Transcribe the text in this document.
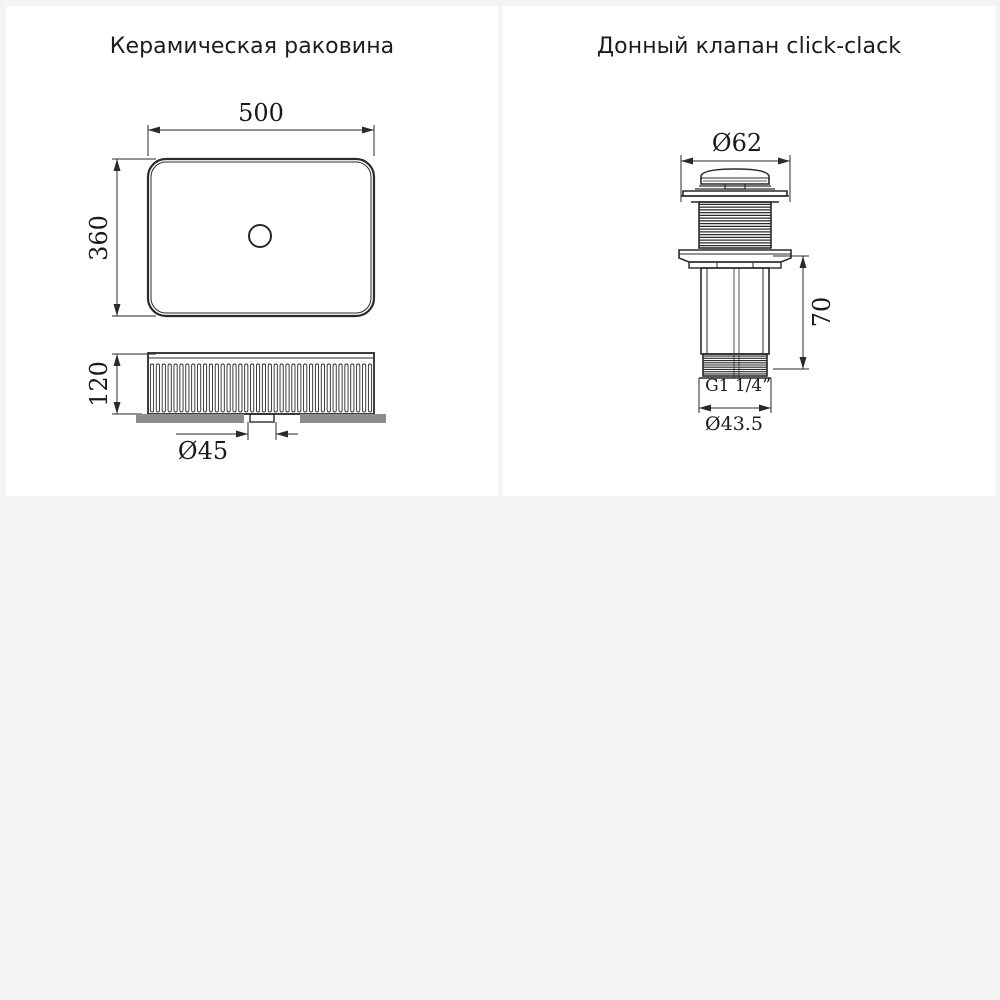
Керамическая раковина
500
360
120
Ø45
Донный клапан click-clack
Ø62
70
G1 1/4”
Ø43.5
